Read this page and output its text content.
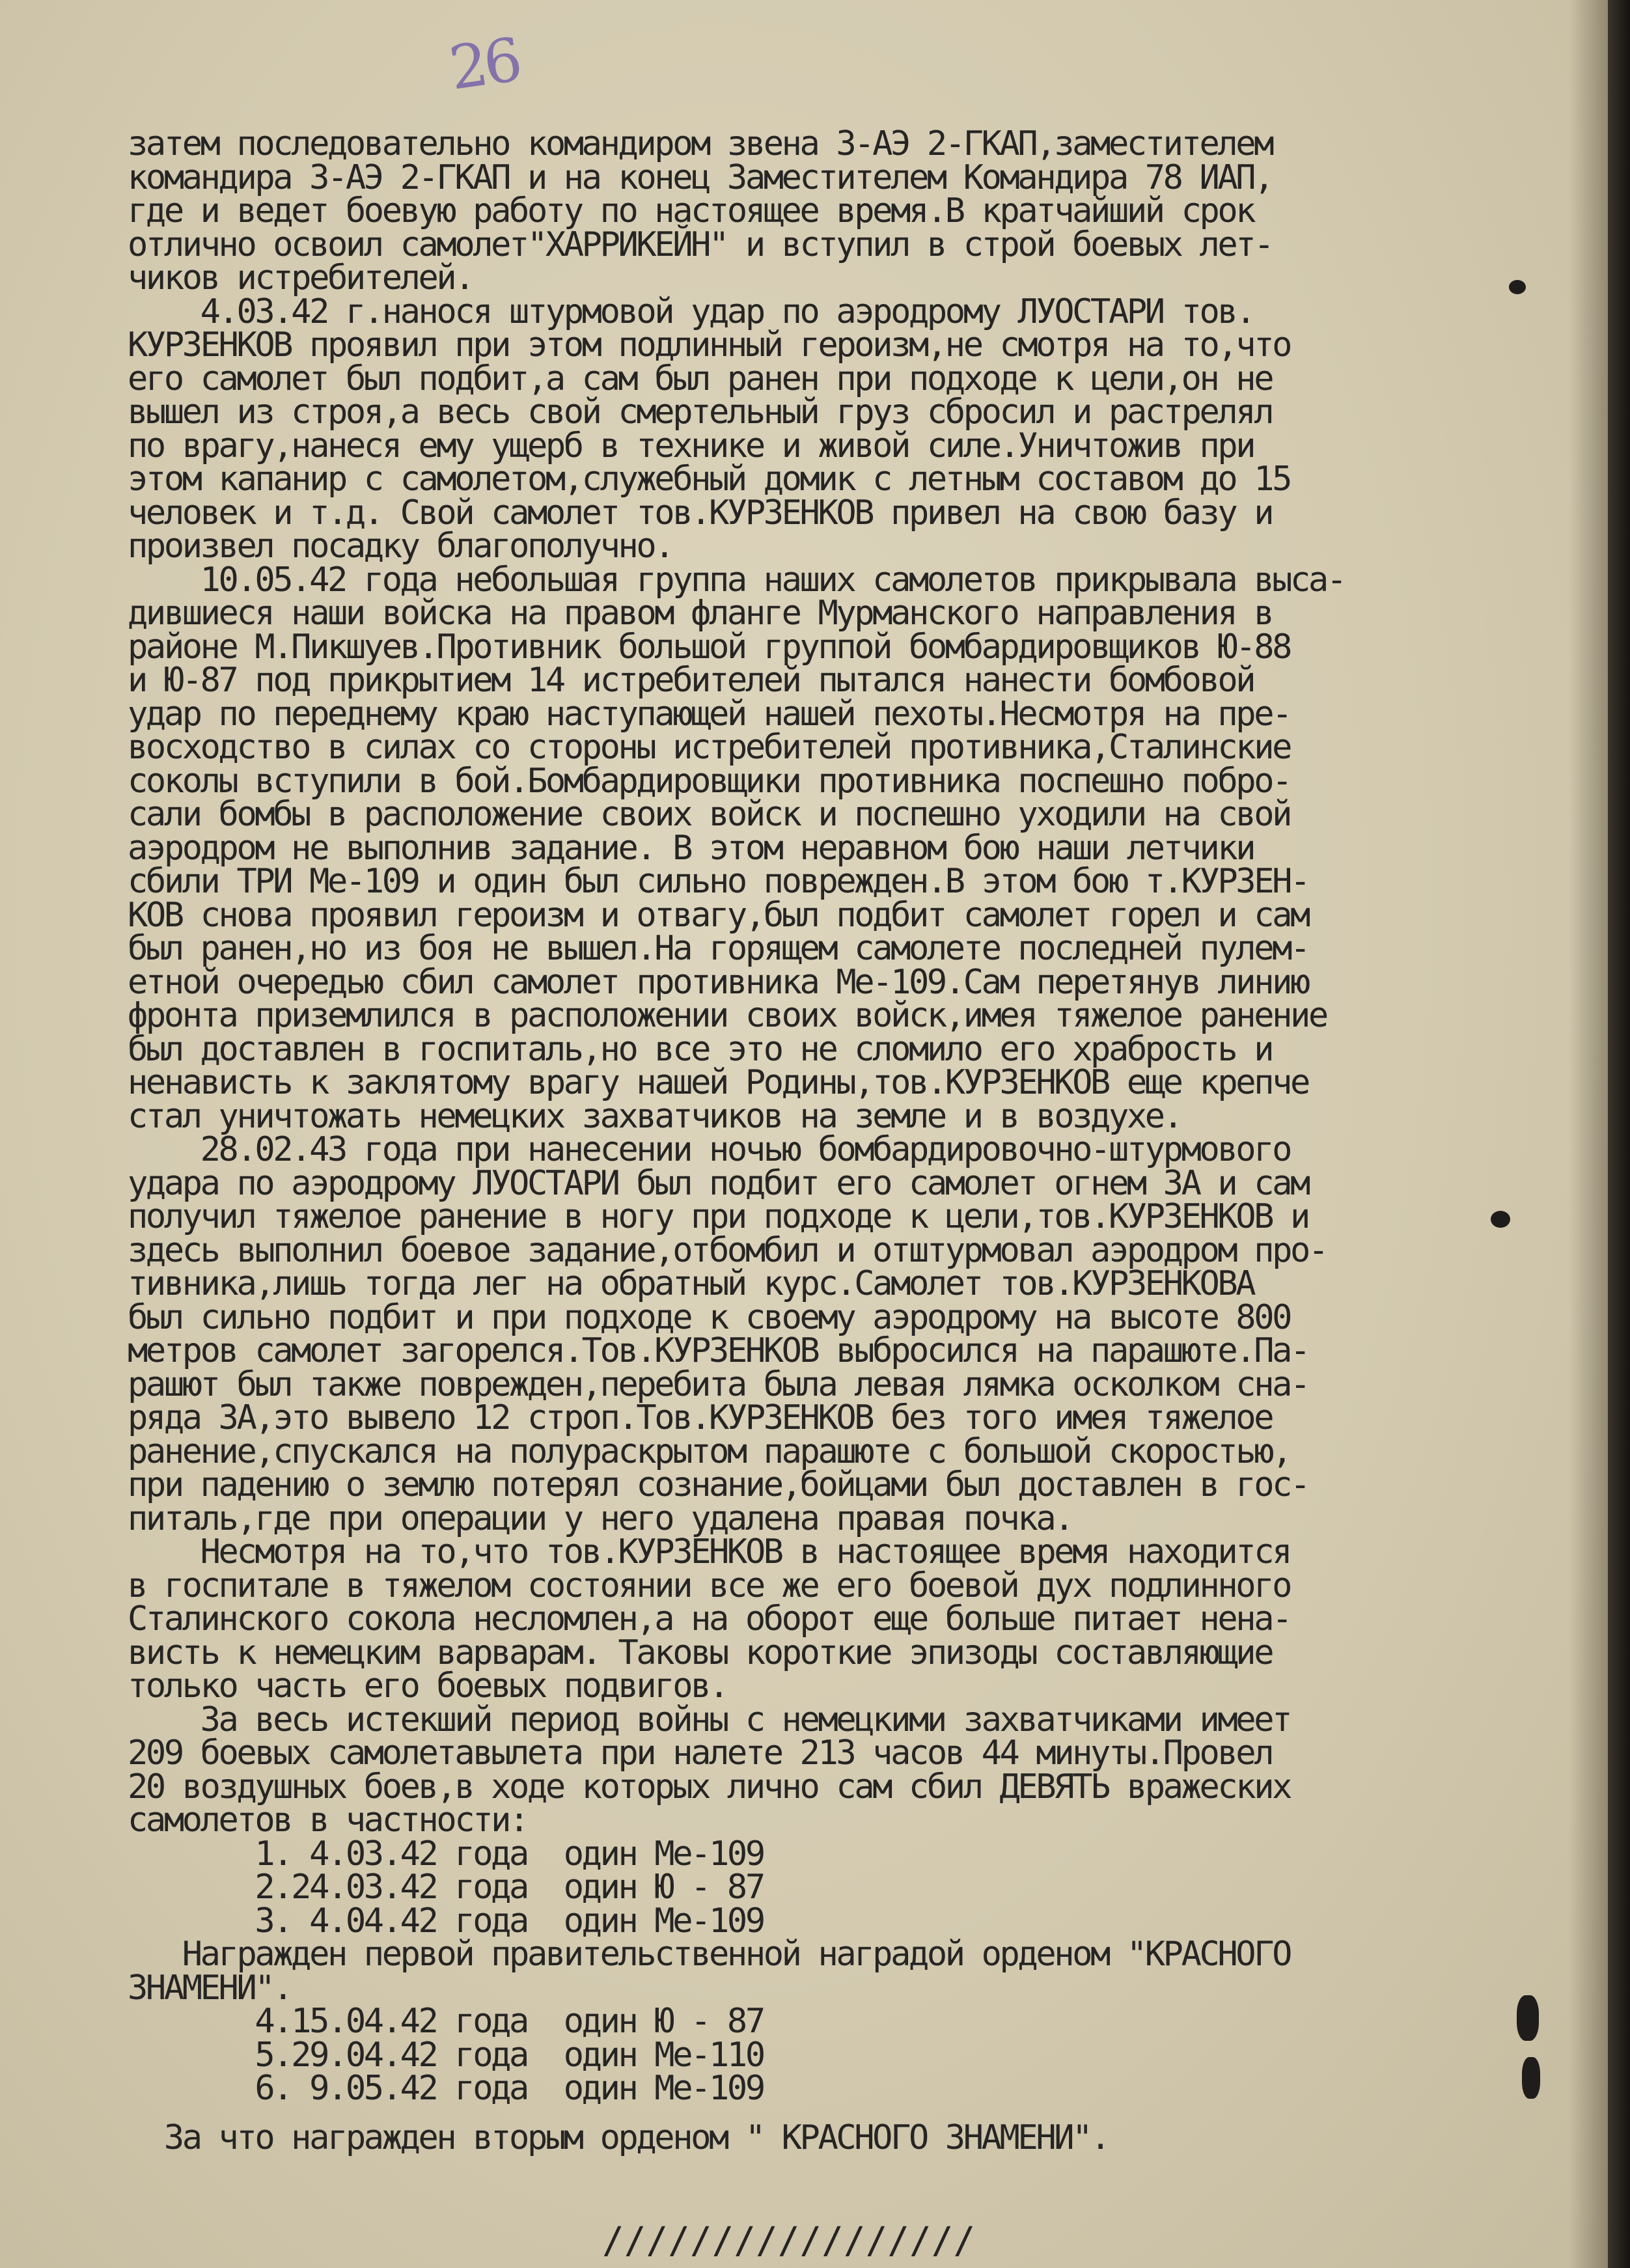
26
затем последовательно командиром звена 3-АЭ 2-ГКАП,заместителем
командира 3-АЭ 2-ГКАП и на конец Заместителем Командира 78 ИАП,
где и ведет боевую работу по настоящее время.В кратчайший срок
отлично освоил самолет"ХАРРИКЕЙН" и вступил в строй боевых лет-
чиков истребителей.
4.03.42 г.нанося штурмовой удар по аэродрому ЛУОСТАРИ тов.
КУРЗЕНКОВ проявил при этом подлинный героизм,не смотря на то,что
его самолет был подбит,а сам был ранен при подходе к цели,он не
вышел из строя,а весь свой смертельный груз сбросил и растрелял
по врагу,нанеся ему ущерб в технике и живой силе.Уничтожив при
этом капанир с самолетом,служебный домик с летным составом до 15
человек и т.д. Свой самолет тов.КУРЗЕНКОВ привел на свою базу и
произвел посадку благополучно.
10.05.42 года небольшая группа наших самолетов прикрывала выса-
дившиеся наши войска на правом фланге Мурманского направления в
районе М.Пикшуев.Противник большой группой бомбардировщиков Ю-88
и Ю-87 под прикрытием 14 истребителей пытался нанести бомбовой
удар по переднему краю наступающей нашей пехоты.Несмотря на пре-
восходство в силах со стороны истребителей противника,Сталинские
соколы вступили в бой.Бомбардировщики противника поспешно побро-
сали бомбы в расположение своих войск и поспешно уходили на свой
аэродром не выполнив задание. В этом неравном бою наши летчики
сбили ТРИ Ме-109 и один был сильно поврежден.В этом бою т.КУРЗЕН-
КОВ снова проявил героизм и отвагу,был подбит самолет горел и сам
был ранен,но из боя не вышел.На горящем самолете последней пулем-
етной очередью сбил самолет противника Ме-109.Сам перетянув линию
фронта приземлился в расположении своих войск,имея тяжелое ранение
был доставлен в госпиталь,но все это не сломило его храбрость и
ненависть к заклятому врагу нашей Родины,тов.КУРЗЕНКОВ еще крепче
стал уничтожать немецких захватчиков на земле и в воздухе.
28.02.43 года при нанесении ночью бомбардировочно-штурмового
удара по аэродрому ЛУОСТАРИ был подбит его самолет огнем ЗА и сам
получил тяжелое ранение в ногу при подходе к цели,тов.КУРЗЕНКОВ и
здесь выполнил боевое задание,отбомбил и отштурмовал аэродром про-
тивника,лишь тогда лег на обратный курс.Самолет тов.КУРЗЕНКОВА
был сильно подбит и при подходе к своему аэродрому на высоте 800
метров самолет загорелся.Тов.КУРЗЕНКОВ выбросился на парашюте.Па-
рашют был также поврежден,перебита была левая лямка осколком сна-
ряда ЗА,это вывело 12 строп.Тов.КУРЗЕНКОВ без того имея тяжелое
ранение,спускался на полураскрытом парашюте с большой скоростью,
при падению о землю потерял сознание,бойцами был доставлен в гос-
питаль,где при операции у него удалена правая почка.
Несмотря на то,что тов.КУРЗЕНКОВ в настоящее время находится
в госпитале в тяжелом состоянии все же его боевой дух подлинного
Сталинского сокола несломлен,а на оборот еще больше питает нена-
висть к немецким варварам. Таковы короткие эпизоды составляющие
только часть его боевых подвигов.
За весь истекший период войны с немецкими захватчиками имеет
209 боевых самолетавылета при налете 213 часов 44 минуты.Провел
20 воздушных боев,в ходе которых лично сам сбил ДЕВЯТЬ вражеских
самолетов в частности:
1. 4.03.42 года  один Ме-109
2.24.03.42 года  один Ю - 87
3. 4.04.42 года  один Ме-109
Награжден первой правительственной наградой орденом "КРАСНОГО
ЗНАМЕНИ".
4.15.04.42 года  один Ю - 87
5.29.04.42 года  один Ме-110
6. 9.05.42 года  один Ме-109
За что награжден вторым орденом " КРАСНОГО ЗНАМЕНИ".
/////////////////
